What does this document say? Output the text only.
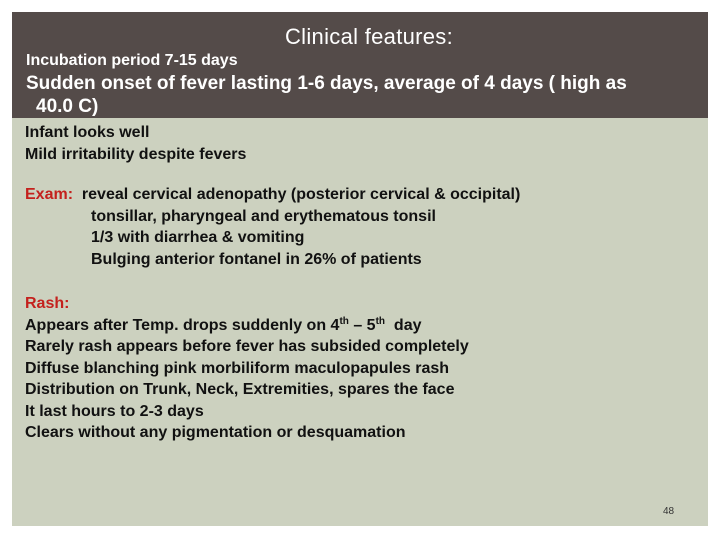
Clinical features:
Incubation period 7-15 days
Sudden onset of fever lasting 1-6 days, average of 4 days ( high as
40.0 C)
Infant looks well
Mild irritability despite fevers
Exam: reveal cervical adenopathy (posterior cervical & occipital)
tonsillar, pharyngeal and erythematous tonsil
1/3 with diarrhea & vomiting
Bulging anterior fontanel in 26% of patients
Rash:
Appears after Temp. drops suddenly on 4th – 5th  day
Rarely rash appears before fever has subsided completely
Diffuse blanching pink morbiliform maculopapules rash
Distribution on Trunk, Neck, Extremities, spares the face
It last hours to 2-3 days
Clears without any pigmentation or desquamation
48
